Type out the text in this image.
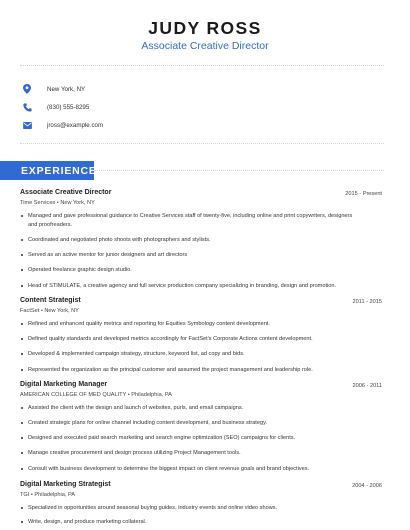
JUDY ROSS
Associate Creative Director
New York, NY
(830) 555-8295
jross@example.com
EXPERIENCE
Associate Creative Director	2015 - Present
Time Services • New York, NY
Managed and gave professional guidance to Creative Services staff of twenty-five, including online and print copywriters, designers and proofreaders.
Coordinated and negotiated photo shoots with photographers and stylists.
Served as an active mentor for junior designers and art directors
Operated freelance graphic design studio.
Head of STIMULATE, a creative agency and full service production company specializing in branding, design and promotion.
Content Strategist	2011 - 2015
FactSet • New York, NY
Refined and enhanced quality metrics and reporting for Equities Symbology content development.
Defined quality standards and developed metrics accordingly for FactSet's Corporate Actions content development.
Developed & implemented campaign strategy, structure, keyword list, ad copy and bids.
Represented the organization as the principal customer and assumed the project management and leadership role.
Digital Marketing Manager	2006 - 2011
AMERICAN COLLEGE OF MED QUALITY • Philadelphia, PA
Assisted the client with the design and launch of websites, purls, and email campaigns.
Created strategic plans for online channel including content development, and business strategy.
Designed and executed paid search marketing and search engine optimization (SEO) campaigns for clients.
Manage creative procurement and design process utilizing Project Management tools.
Consult with business development to determine the biggest impact on client revenue goals and brand objectives.
Digital Marketing Strategist	2004 - 2006
TGI • Philadelphia, PA
Specialized in opportunities around seasonal buying guides, industry events and online video shows.
Write, design, and produce marketing collateral.
